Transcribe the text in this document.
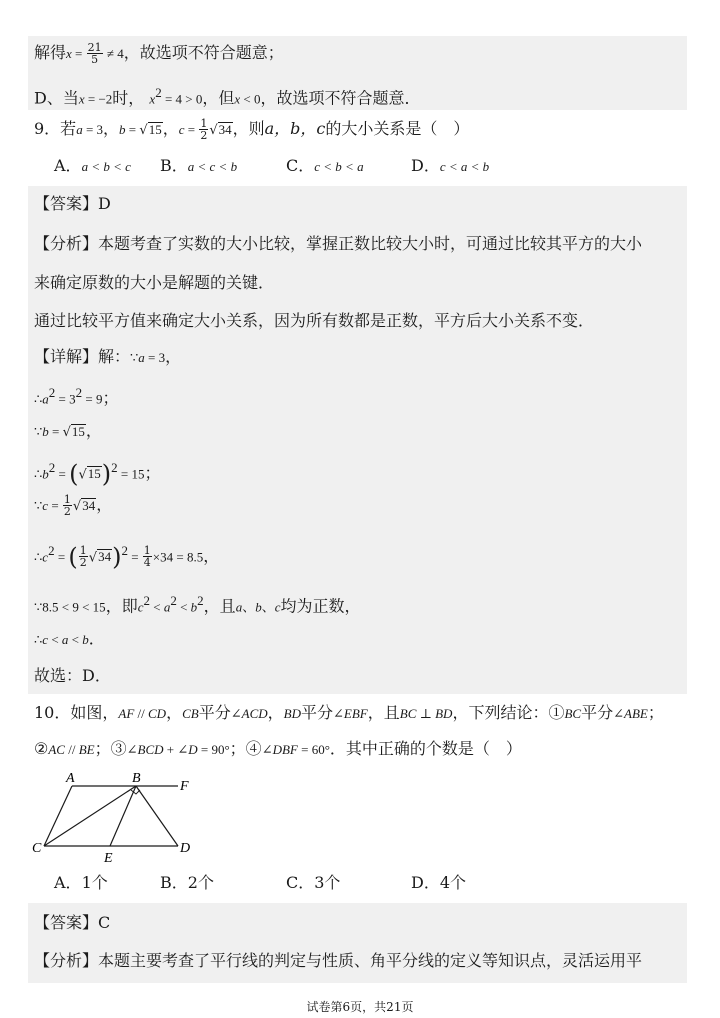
解得$x = \frac{21}{5} \ne 4$，故选项不符合题意；
D、当x = −2时， $x^2 = 4 > 0$，但x < 0，故选项不符合题意．
9．若a = 3，b = √15，$c = \frac{1}{2} √34$，则a，b，c的大小关系是（　）
A．a < b < c B．a < c < b	C．c < b < a	D．c < a < b
【答案】D
【分析】本题考查了实数的大小比较，掌握正数比较大小时，可通过比较其平方的大小
来确定原数的大小是解题的关键．
通过比较平方值来确定大小关系，因为所有数都是正数，平方后大小关系不变．
【详解】解：∵a = 3，
$\therefore a^2 = 3^2 = 9$；
∵b = √15，
$\therefore b^2 = (√15)^2 = 15$；
∵c = $\frac{1}{2} √34$，
$\therefore c^2$ = ( $\frac{1}{2} √34)^2 = \frac{1}{4} \times 34 = 8.5$，
∵8.5 < 9 < 15，即$c^2 < a^2 < b^2$，且a、b、c均为正数，
∴c < a < b．
故选：D．
10．如图，AF // CD，CB平分∠ACD，BD平分∠EBF，且BC ⊥ BD，下列结论：①BC平分∠ABE；
②AC // BE；③∠BCD + ∠D = 90°；④∠DBF = 60°．其中正确的个数是（　）
A	B
F
C
E
D
A．1个	B．2个	C．3个	D．4个
【答案】C
【分析】本题主要考查了平行线的判定与性质、角平分线的定义等知识点，灵活运用平
试卷第6页，共21页
